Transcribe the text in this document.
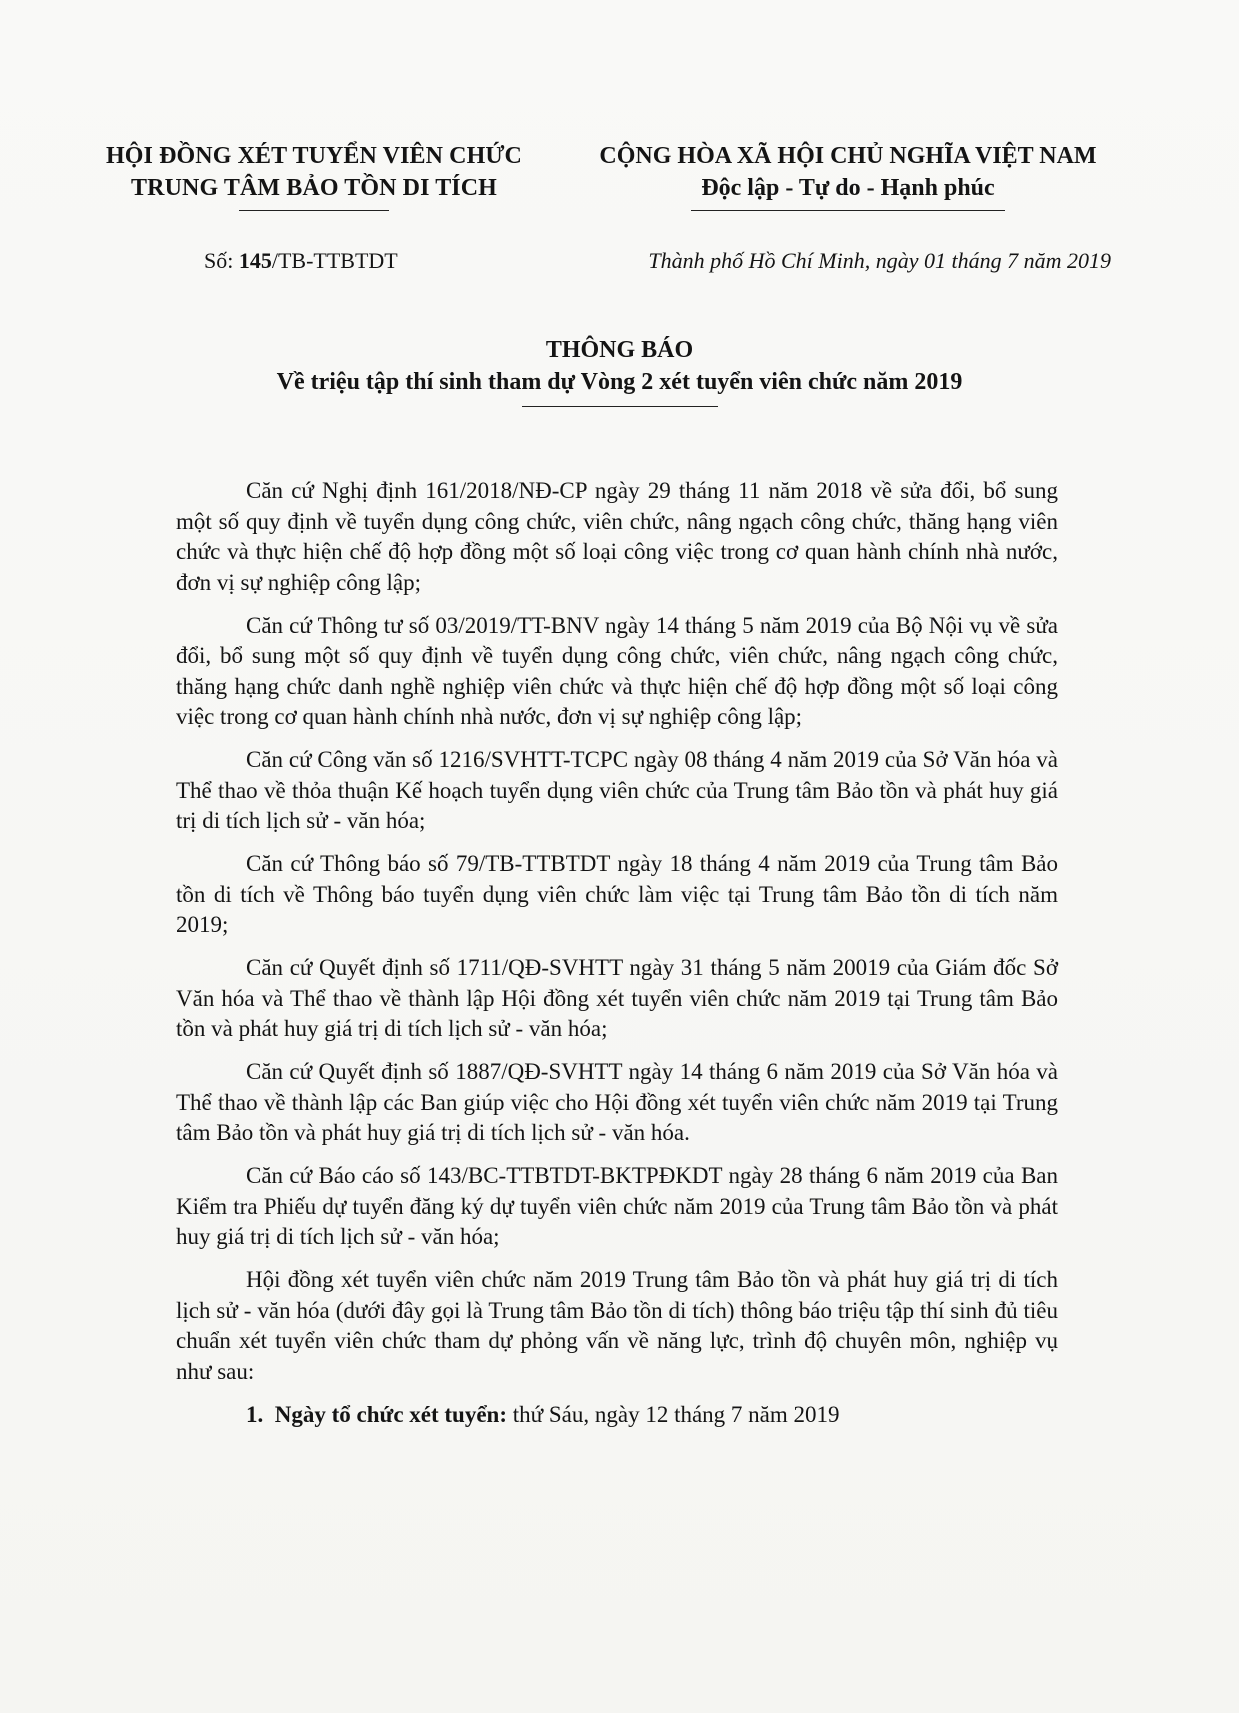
HỘI ĐỒNG XÉT TUYỂN VIÊN CHỨC
TRUNG TÂM BẢO TỒN DI TÍCH
CỘNG HÒA XÃ HỘI CHỦ NGHĨA VIỆT NAM
Độc lập - Tự do - Hạnh phúc
Số: 145/TB-TTBTDT	Thành phố Hồ Chí Minh, ngày 01 tháng 7 năm 2019
THÔNG BÁO
Về triệu tập thí sinh tham dự Vòng 2 xét tuyển viên chức năm 2019

Căn cứ Nghị định 161/2018/NĐ-CP ngày 29 tháng 11 năm 2018 về sửa đổi, bổ sung một số quy định về tuyển dụng công chức, viên chức, nâng ngạch công chức, thăng hạng viên chức và thực hiện chế độ hợp đồng một số loại công việc trong cơ quan hành chính nhà nước, đơn vị sự nghiệp công lập;

Căn cứ Thông tư số 03/2019/TT-BNV ngày 14 tháng 5 năm 2019 của Bộ Nội vụ về sửa đổi, bổ sung một số quy định về tuyển dụng công chức, viên chức, nâng ngạch công chức, thăng hạng chức danh nghề nghiệp viên chức và thực hiện chế độ hợp đồng một số loại công việc trong cơ quan hành chính nhà nước, đơn vị sự nghiệp công lập;

Căn cứ Công văn số 1216/SVHTT-TCPC ngày 08 tháng 4 năm 2019 của Sở Văn hóa và Thể thao về thỏa thuận Kế hoạch tuyển dụng viên chức của Trung tâm Bảo tồn và phát huy giá trị di tích lịch sử - văn hóa;

Căn cứ Thông báo số 79/TB-TTBTDT ngày 18 tháng 4 năm 2019 của Trung tâm Bảo tồn di tích về Thông báo tuyển dụng viên chức làm việc tại Trung tâm Bảo tồn di tích năm 2019;

Căn cứ Quyết định số 1711/QĐ-SVHTT ngày 31 tháng 5 năm 20019 của Giám đốc Sở Văn hóa và Thể thao về thành lập Hội đồng xét tuyển viên chức năm 2019 tại Trung tâm Bảo tồn và phát huy giá trị di tích lịch sử - văn hóa;

Căn cứ Quyết định số 1887/QĐ-SVHTT ngày 14 tháng 6 năm 2019 của Sở Văn hóa và Thể thao về thành lập các Ban giúp việc cho Hội đồng xét tuyển viên chức năm 2019 tại Trung tâm Bảo tồn và phát huy giá trị di tích lịch sử - văn hóa.

Căn cứ Báo cáo số 143/BC-TTBTDT-BKTPĐKDT ngày 28 tháng 6 năm 2019 của Ban Kiểm tra Phiếu dự tuyển đăng ký dự tuyển viên chức năm 2019 của Trung tâm Bảo tồn và phát huy giá trị di tích lịch sử - văn hóa;

Hội đồng xét tuyển viên chức năm 2019 Trung tâm Bảo tồn và phát huy giá trị di tích lịch sử - văn hóa (dưới đây gọi là Trung tâm Bảo tồn di tích) thông báo triệu tập thí sinh đủ tiêu chuẩn xét tuyển viên chức tham dự phỏng vấn về năng lực, trình độ chuyên môn, nghiệp vụ như sau:

1. Ngày tổ chức xét tuyển: thứ Sáu, ngày 12 tháng 7 năm 2019
